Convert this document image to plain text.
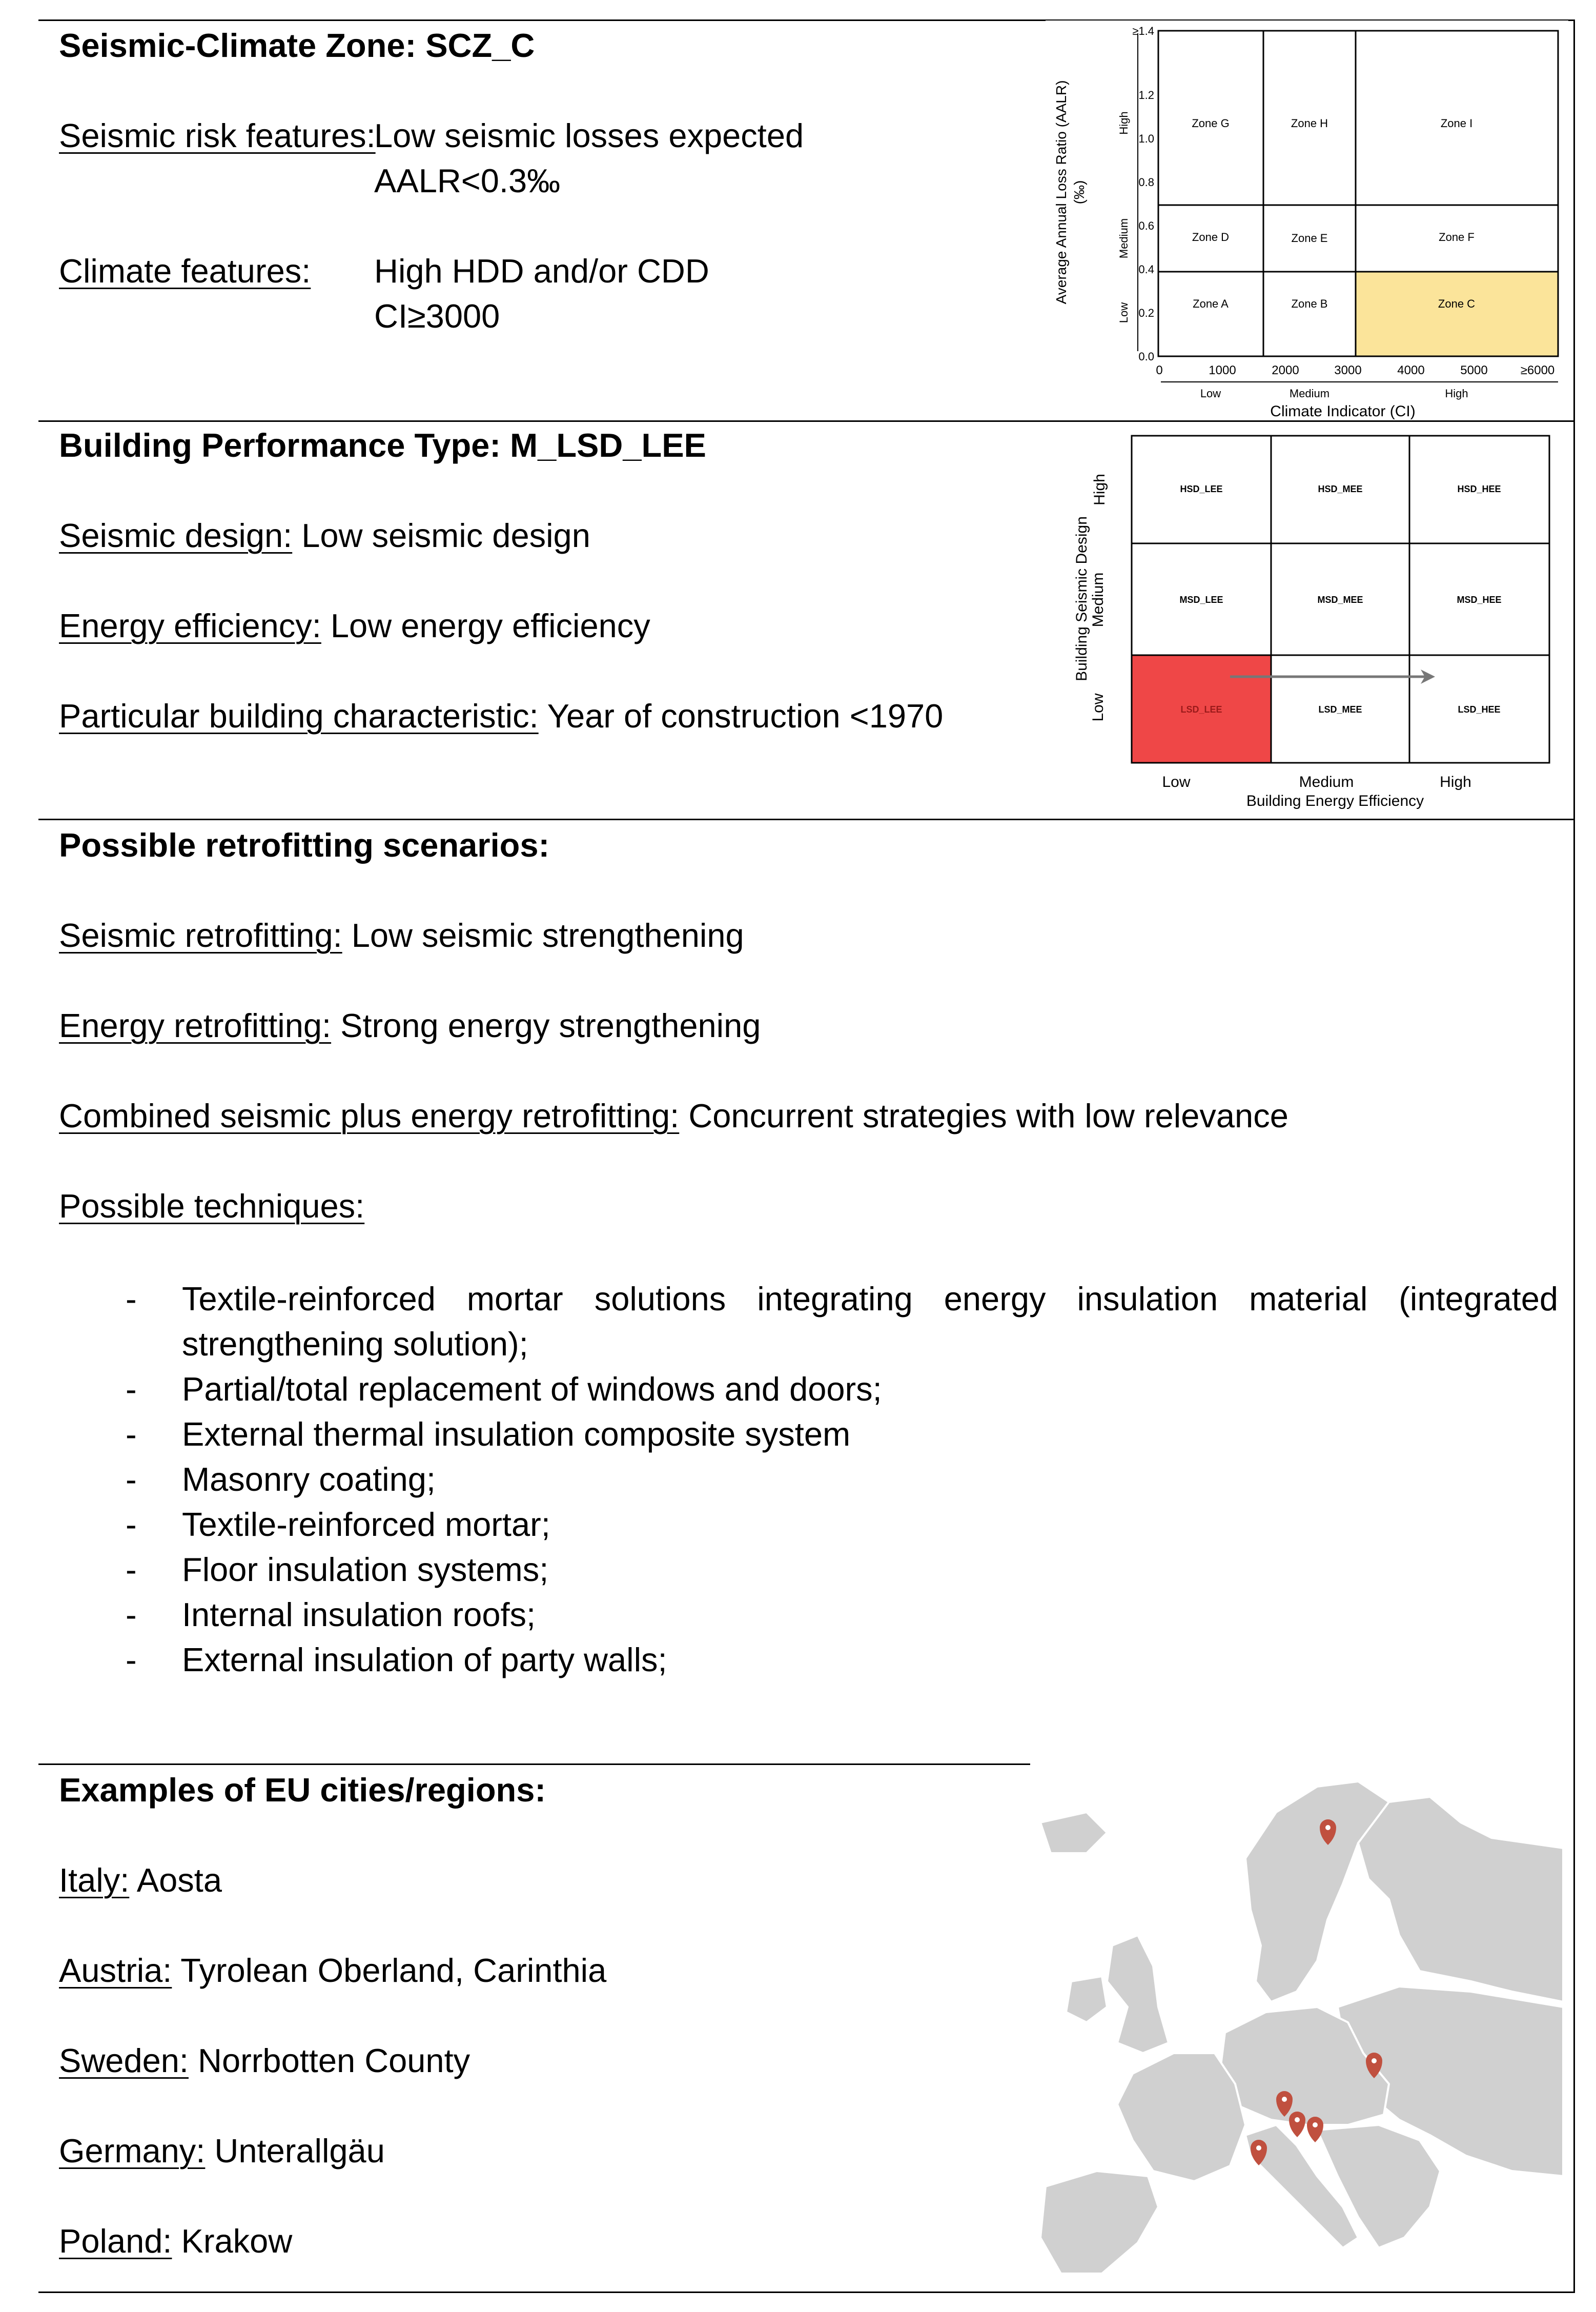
Seismic-Climate Zone: SCZ_C

Seismic risk features:
Low seismic losses expected
AALR<0.3‰
Climate features: High HDD and/or CDD
CI≥3000
Zone G	Zone H	Zone I
Zone D	Zone E	Zone F
Zone A	Zone B	Zone C
0.0
0.2
0.4
0.6
0.8
1.0
1.2
≥1.4
High
Medium
Low
Average Annual Loss Ratio (AALR) (‰)
0	1000	2000	3000	4000	5000	≥6000
Low	Medium	High
Climate Indicator (CI)

Building Performance Type: M_LSD_LEE

Seismic design: Low seismic design

Energy efficiency: Low energy efficiency

Particular building characteristic: Year of construction <1970

HSD_LEE	HSD_MEE	HSD_HEE
MSD_LEE	MSD_MEE	MSD_HEE
LSD_LEE	LSD_MEE	LSD_HEE
Building Seismic Design
High
Medium
Low
Low	Medium	High
Building Energy Efficiency

Possible retrofitting scenarios:

Seismic retrofitting: Low seismic strengthening

Energy retrofitting: Strong energy strengthening

Combined seismic plus energy retrofitting: Concurrent strategies with low relevance

Possible techniques:

- Textile-reinforced mortar solutions integrating energy insulation material (integrated strengthening solution);
- Partial/total replacement of windows and doors;
- External thermal insulation composite system
- Masonry coating;
- Textile-reinforced mortar;
- Floor insulation systems;
- Internal insulation roofs;
- External insulation of party walls;

Examples of EU cities/regions:

Italy: Aosta

Austria: Tyrolean Oberland, Carinthia

Sweden: Norrbotten County

Germany: Unterallgäu

Poland: Krakow
